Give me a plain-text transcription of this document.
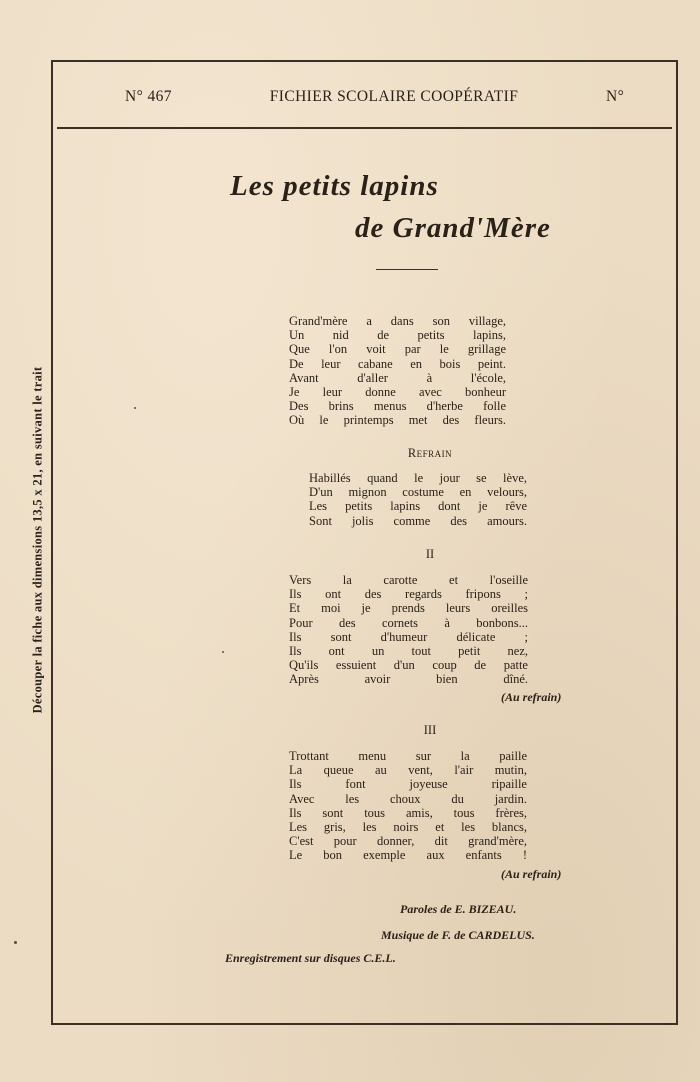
N° 467	FICHIER SCOLAIRE COOPÉRATIF	N°
Découper la fiche aux dimensions 13,5 x 21, en suivant le trait
Les petits lapins
de Grand'Mère
Grand'mère a dans son village,
Un nid de petits lapins,
Que l'on voit par le grillage
De leur cabane en bois peint.
Avant d'aller à l'école,
Je leur donne avec bonheur
Des brins menus d'herbe folle
Où le printemps met des fleurs.
Refrain
Habillés quand le jour se lève,
D'un mignon costume en velours,
Les petits lapins dont je rêve
Sont jolis comme des amours.
II
Vers la carotte et l'oseille
Ils ont des regards fripons ;
Et moi je prends leurs oreilles
Pour des cornets à bonbons...
Ils sont d'humeur délicate ;
Ils ont un tout petit nez,
Qu'ils essuient d'un coup de patte
Après avoir bien dîné.
(Au refrain)
III
Trottant menu sur la paille
La queue au vent, l'air mutin,
Ils font joyeuse ripaille
Avec les choux du jardin.
Ils sont tous amis, tous frères,
Les gris, les noirs et les blancs,
C'est pour donner, dit grand'mère,
Le bon exemple aux enfants !
(Au refrain)
Paroles de E. BIZEAU.
Musique de F. de CARDELUS.
Enregistrement sur disques C.E.L.
